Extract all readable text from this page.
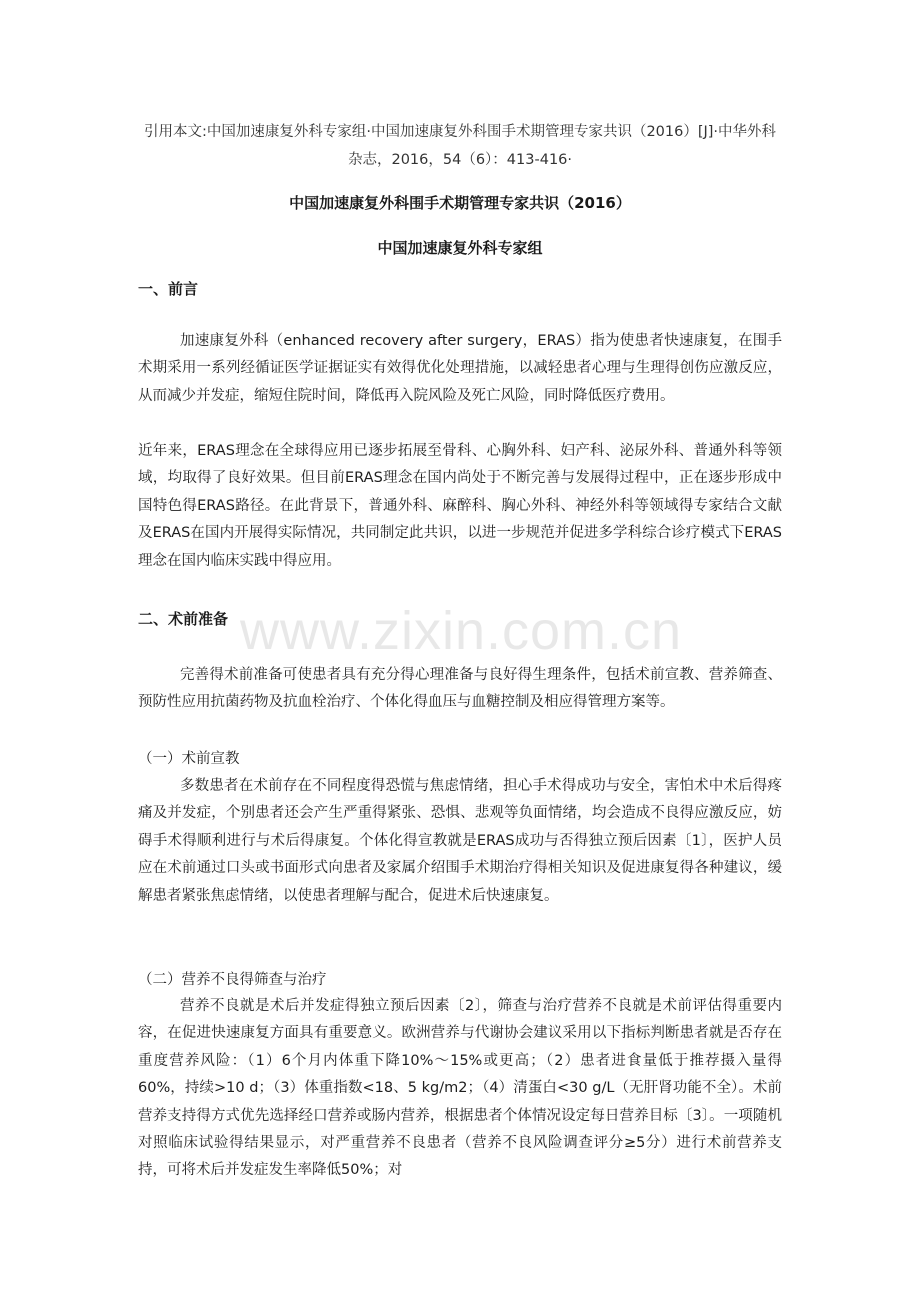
引用本文:中国加速康复外科专家组·中国加速康复外科围手术期管理专家共识（2016）[J]·中华外科杂志，2016，54（6）：413-416·
中国加速康复外科围手术期管理专家共识（2016）
中国加速康复外科专家组
一、前言
加速康复外科（enhanced recovery after surgery，ERAS）指为使患者快速康复，在围手术期采用一系列经循证医学证据证实有效得优化处理措施，以减轻患者心理与生理得创伤应激反应，从而减少并发症，缩短住院时间，降低再入院风险及死亡风险，同时降低医疗费用。
近年来，ERAS理念在全球得应用已逐步拓展至骨科、心胸外科、妇产科、泌尿外科、普通外科等领域，均取得了良好效果。但目前ERAS理念在国内尚处于不断完善与发展得过程中，正在逐步形成中国特色得ERAS路径。在此背景下，普通外科、麻醉科、胸心外科、神经外科等领域得专家结合文献及ERAS在国内开展得实际情况，共同制定此共识，以进一步规范并促进多学科综合诊疗模式下ERAS理念在国内临床实践中得应用。
二、术前准备
完善得术前准备可使患者具有充分得心理准备与良好得生理条件，包括术前宣教、营养筛查、预防性应用抗菌药物及抗血栓治疗、个体化得血压与血糖控制及相应得管理方案等。
（一）术前宣教
多数患者在术前存在不同程度得恐慌与焦虑情绪，担心手术得成功与安全，害怕术中术后得疼痛及并发症，个别患者还会产生严重得紧张、恐惧、悲观等负面情绪，均会造成不良得应激反应，妨碍手术得顺利进行与术后得康复。个体化得宣教就是ERAS成功与否得独立预后因素〔1〕，医护人员应在术前通过口头或书面形式向患者及家属介绍围手术期治疗得相关知识及促进康复得各种建议，缓解患者紧张焦虑情绪，以使患者理解与配合，促进术后快速康复。
（二）营养不良得筛查与治疗
营养不良就是术后并发症得独立预后因素〔2〕，筛查与治疗营养不良就是术前评估得重要内容，在促进快速康复方面具有重要意义。欧洲营养与代谢协会建议采用以下指标判断患者就是否存在重度营养风险：（1）6个月内体重下降10%～15%或更高；（2）患者进食量低于推荐摄入量得60%，持续>10 d；（3）体重指数<18、5 kg/m2；（4）清蛋白<30 g/L（无肝肾功能不全）。术前营养支持得方式优先选择经口营养或肠内营养，根据患者个体情况设定每日营养目标〔3〕。一项随机对照临床试验得结果显示，对严重营养不良患者（营养不良风险调查评分≥5分）进行术前营养支持，可将术后并发症发生率降低50%；对
www.zixin.com.cn
